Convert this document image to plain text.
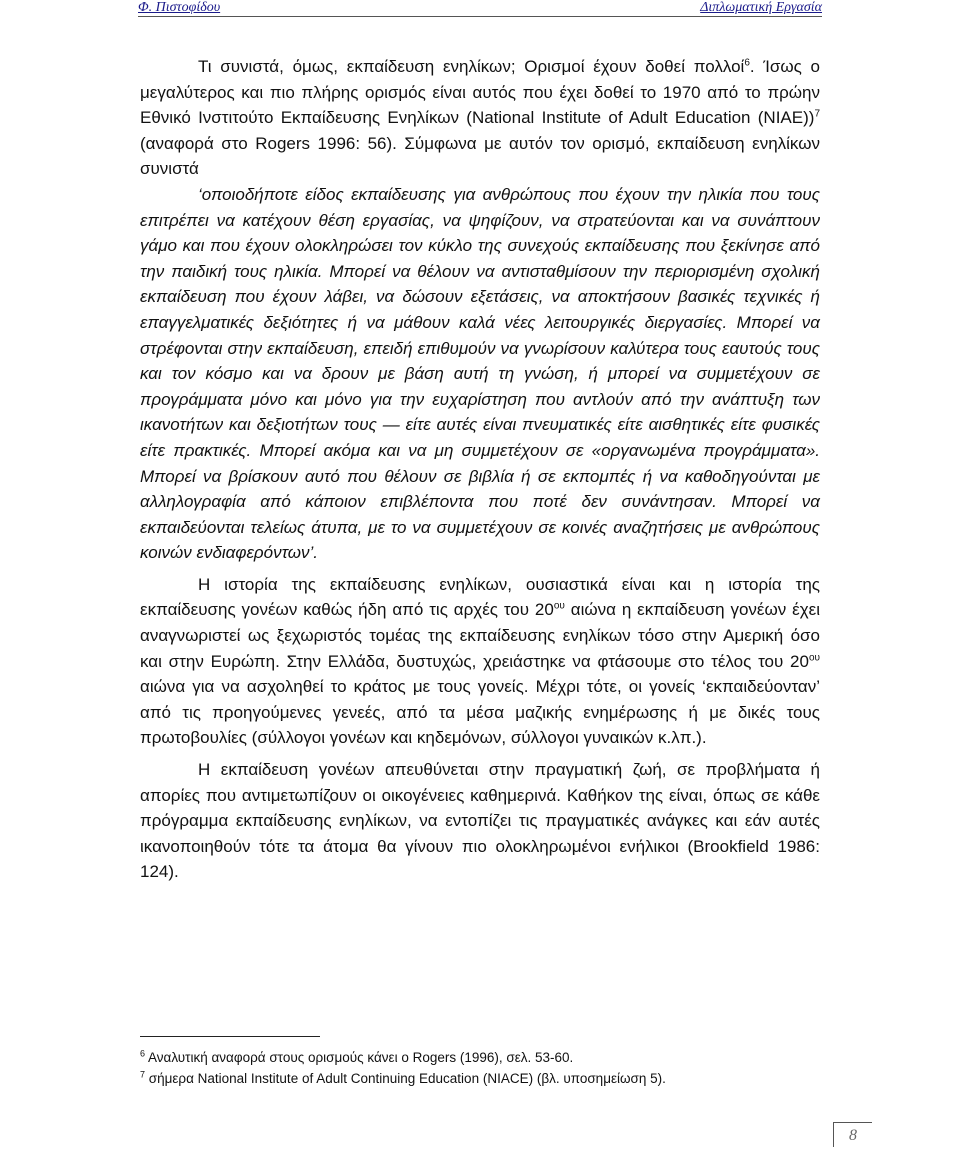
Φ. Πιστοφίδου	Διπλωματική Εργασία

Τι συνιστά, όμως, εκπαίδευση ενηλίκων; Ορισμοί έχουν δοθεί πολλοί$^6$. Ίσως ο μεγαλύτερος και πιο πλήρης ορισμός είναι αυτός που έχει δοθεί το 1970 από το πρώην Εθνικό Ινστιτούτο Εκπαίδευσης Ενηλίκων (National Institute of Adult Education (NIAE))$^7$ (αναφορά στο Rogers 1996: 56). Σύμφωνα με αυτόν τον ορισμό, εκπαίδευση ενηλίκων συνιστά

‘οποιοδήποτε είδος εκπαίδευσης για ανθρώπους που έχουν την ηλικία που τους επιτρέπει να κατέχουν θέση εργασίας, να ψηφίζουν, να στρατεύονται και να συνάπτουν γάμο και που έχουν ολοκληρώσει τον κύκλο της συνεχούς εκπαίδευσης που ξεκίνησε από την παιδική τους ηλικία. Μπορεί να θέλουν να αντισταθμίσουν την περιορισμένη σχολική εκπαίδευση που έχουν λάβει, να δώσουν εξετάσεις, να αποκτήσουν βασικές τεχνικές ή επαγγελματικές δεξιότητες ή να μάθουν καλά νέες λειτουργικές διεργασίες. Μπορεί να στρέφονται στην εκπαίδευση, επειδή επιθυμούν να γνωρίσουν καλύτερα τους εαυτούς τους και τον κόσμο και να δρουν με βάση αυτή τη γνώση, ή μπορεί να συμμετέχουν σε προγράμματα μόνο και μόνο για την ευχαρίστηση που αντλούν από την ανάπτυξη των ικανοτήτων και δεξιοτήτων τους — είτε αυτές είναι πνευματικές είτε αισθητικές είτε φυσικές είτε πρακτικές. Μπορεί ακόμα και να μη συμμετέχουν σε «οργανωμένα προγράμματα». Μπορεί να βρίσκουν αυτό που θέλουν σε βιβλία ή σε εκπομπές ή να καθοδηγούνται με αλληλογραφία από κάποιον επιβλέποντα που ποτέ δεν συνάντησαν. Μπορεί να εκπαιδεύονται τελείως άτυπα, με το να συμμετέχουν σε κοινές αναζητήσεις με ανθρώπους κοινών ενδιαφερόντων’.

Η ιστορία της εκπαίδευσης ενηλίκων, ουσιαστικά είναι και η ιστορία της εκπαίδευσης γονέων καθώς ήδη από τις αρχές του $20^{o\upsilon}$ αιώνα η εκπαίδευση γονέων έχει αναγνωριστεί ως ξεχωριστός τομέας της εκπαίδευσης ενηλίκων τόσο στην Αμερική όσο και στην Ευρώπη. Στην Ελλάδα, δυστυχώς, χρειάστηκε να φτάσουμε στο τέλος του $20^{o\upsilon}$ αιώνα για να ασχοληθεί το κράτος με τους γονείς. Μέχρι τότε, οι γονείς ‘εκπαιδεύονταν’ από τις προηγούμενες γενεές, από τα μέσα μαζικής ενημέρωσης ή με δικές τους πρωτοβουλίες (σύλλογοι γονέων και κηδεμόνων, σύλλογοι γυναικών κ.λπ.).

Η εκπαίδευση γονέων απευθύνεται στην πραγματική ζωή, σε προβλήματα ή απορίες που αντιμετωπίζουν οι οικογένειες καθημερινά. Καθήκον της είναι, όπως σε κάθε πρόγραμμα εκπαίδευσης ενηλίκων, να εντοπίζει τις πραγματικές ανάγκες και εάν αυτές ικανοποιηθούν τότε τα άτομα θα γίνουν πιο ολοκληρωμένοι ενήλικοι (Brookfield 1986: 124).

$^6$ Αναλυτική αναφορά στους ορισμούς κάνει ο Rogers (1996), σελ. 53-60.

$^7$ σήμερα National Institute of Adult Continuing Education (NIACE) (βλ. υποσημείωση 5).

8
